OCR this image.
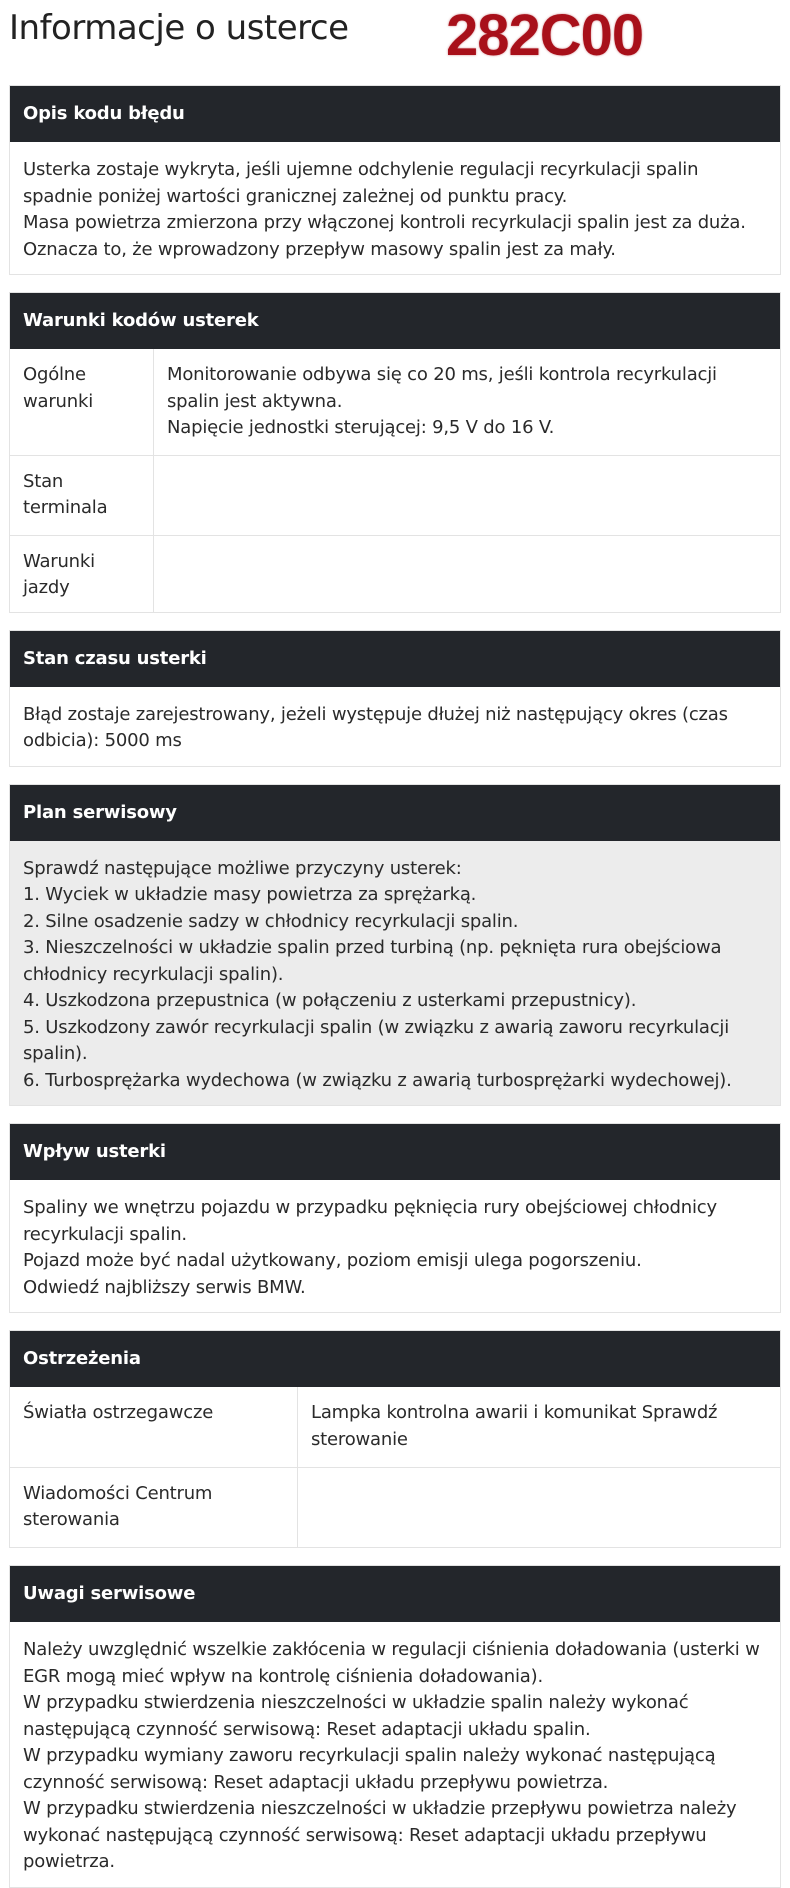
Informacje o usterce 282C00
Opis kodu błędu
Usterka zostaje wykryta, jeśli ujemne odchylenie regulacji recyrkulacji spalin spadnie poniżej wartości granicznej zależnej od punktu pracy.
Masa powietrza zmierzona przy włączonej kontroli recyrkulacji spalin jest za duża. Oznacza to, że wprowadzony przepływ masowy spalin jest za mały.
Warunki kodów usterek
Ogólne warunki	Monitorowanie odbywa się co 20 ms, jeśli kontrola recyrkulacji spalin jest aktywna.
Napięcie jednostki sterującej: 9,5 V do 16 V.

Stan terminala	
Warunki jazdy	
Stan czasu usterki
Błąd zostaje zarejestrowany, jeżeli występuje dłużej niż następujący okres (czas odbicia): 5000 ms
Plan serwisowy
Sprawdź następujące możliwe przyczyny usterek:
1. Wyciek w układzie masy powietrza za sprężarką.
2. Silne osadzenie sadzy w chłodnicy recyrkulacji spalin.
3. Nieszczelności w układzie spalin przed turbiną (np. pęknięta rura obejściowa chłodnicy recyrkulacji spalin).
4. Uszkodzona przepustnica (w połączeniu z usterkami przepustnicy).
5. Uszkodzony zawór recyrkulacji spalin (w związku z awarią zaworu recyrkulacji spalin).
6. Turbosprężarka wydechowa (w związku z awarią turbosprężarki wydechowej).
Wpływ usterki
Spaliny we wnętrzu pojazdu w przypadku pęknięcia rury obejściowej chłodnicy recyrkulacji spalin.
Pojazd może być nadal użytkowany, poziom emisji ulega pogorszeniu.
Odwiedź najbliższy serwis BMW.
Ostrzeżenia
Światła ostrzegawcze	Lampka kontrolna awarii i komunikat Sprawdź sterowanie
Wiadomości Centrum sterowania	
Uwagi serwisowe
Należy uwzględnić wszelkie zakłócenia w regulacji ciśnienia doładowania (usterki w EGR mogą mieć wpływ na kontrolę ciśnienia doładowania).
W przypadku stwierdzenia nieszczelności w układzie spalin należy wykonać następującą czynność serwisową: Reset adaptacji układu spalin.
W przypadku wymiany zaworu recyrkulacji spalin należy wykonać następującą czynność serwisową: Reset adaptacji układu przepływu powietrza.
W przypadku stwierdzenia nieszczelności w układzie przepływu powietrza należy wykonać następującą czynność serwisową: Reset adaptacji układu przepływu powietrza.
